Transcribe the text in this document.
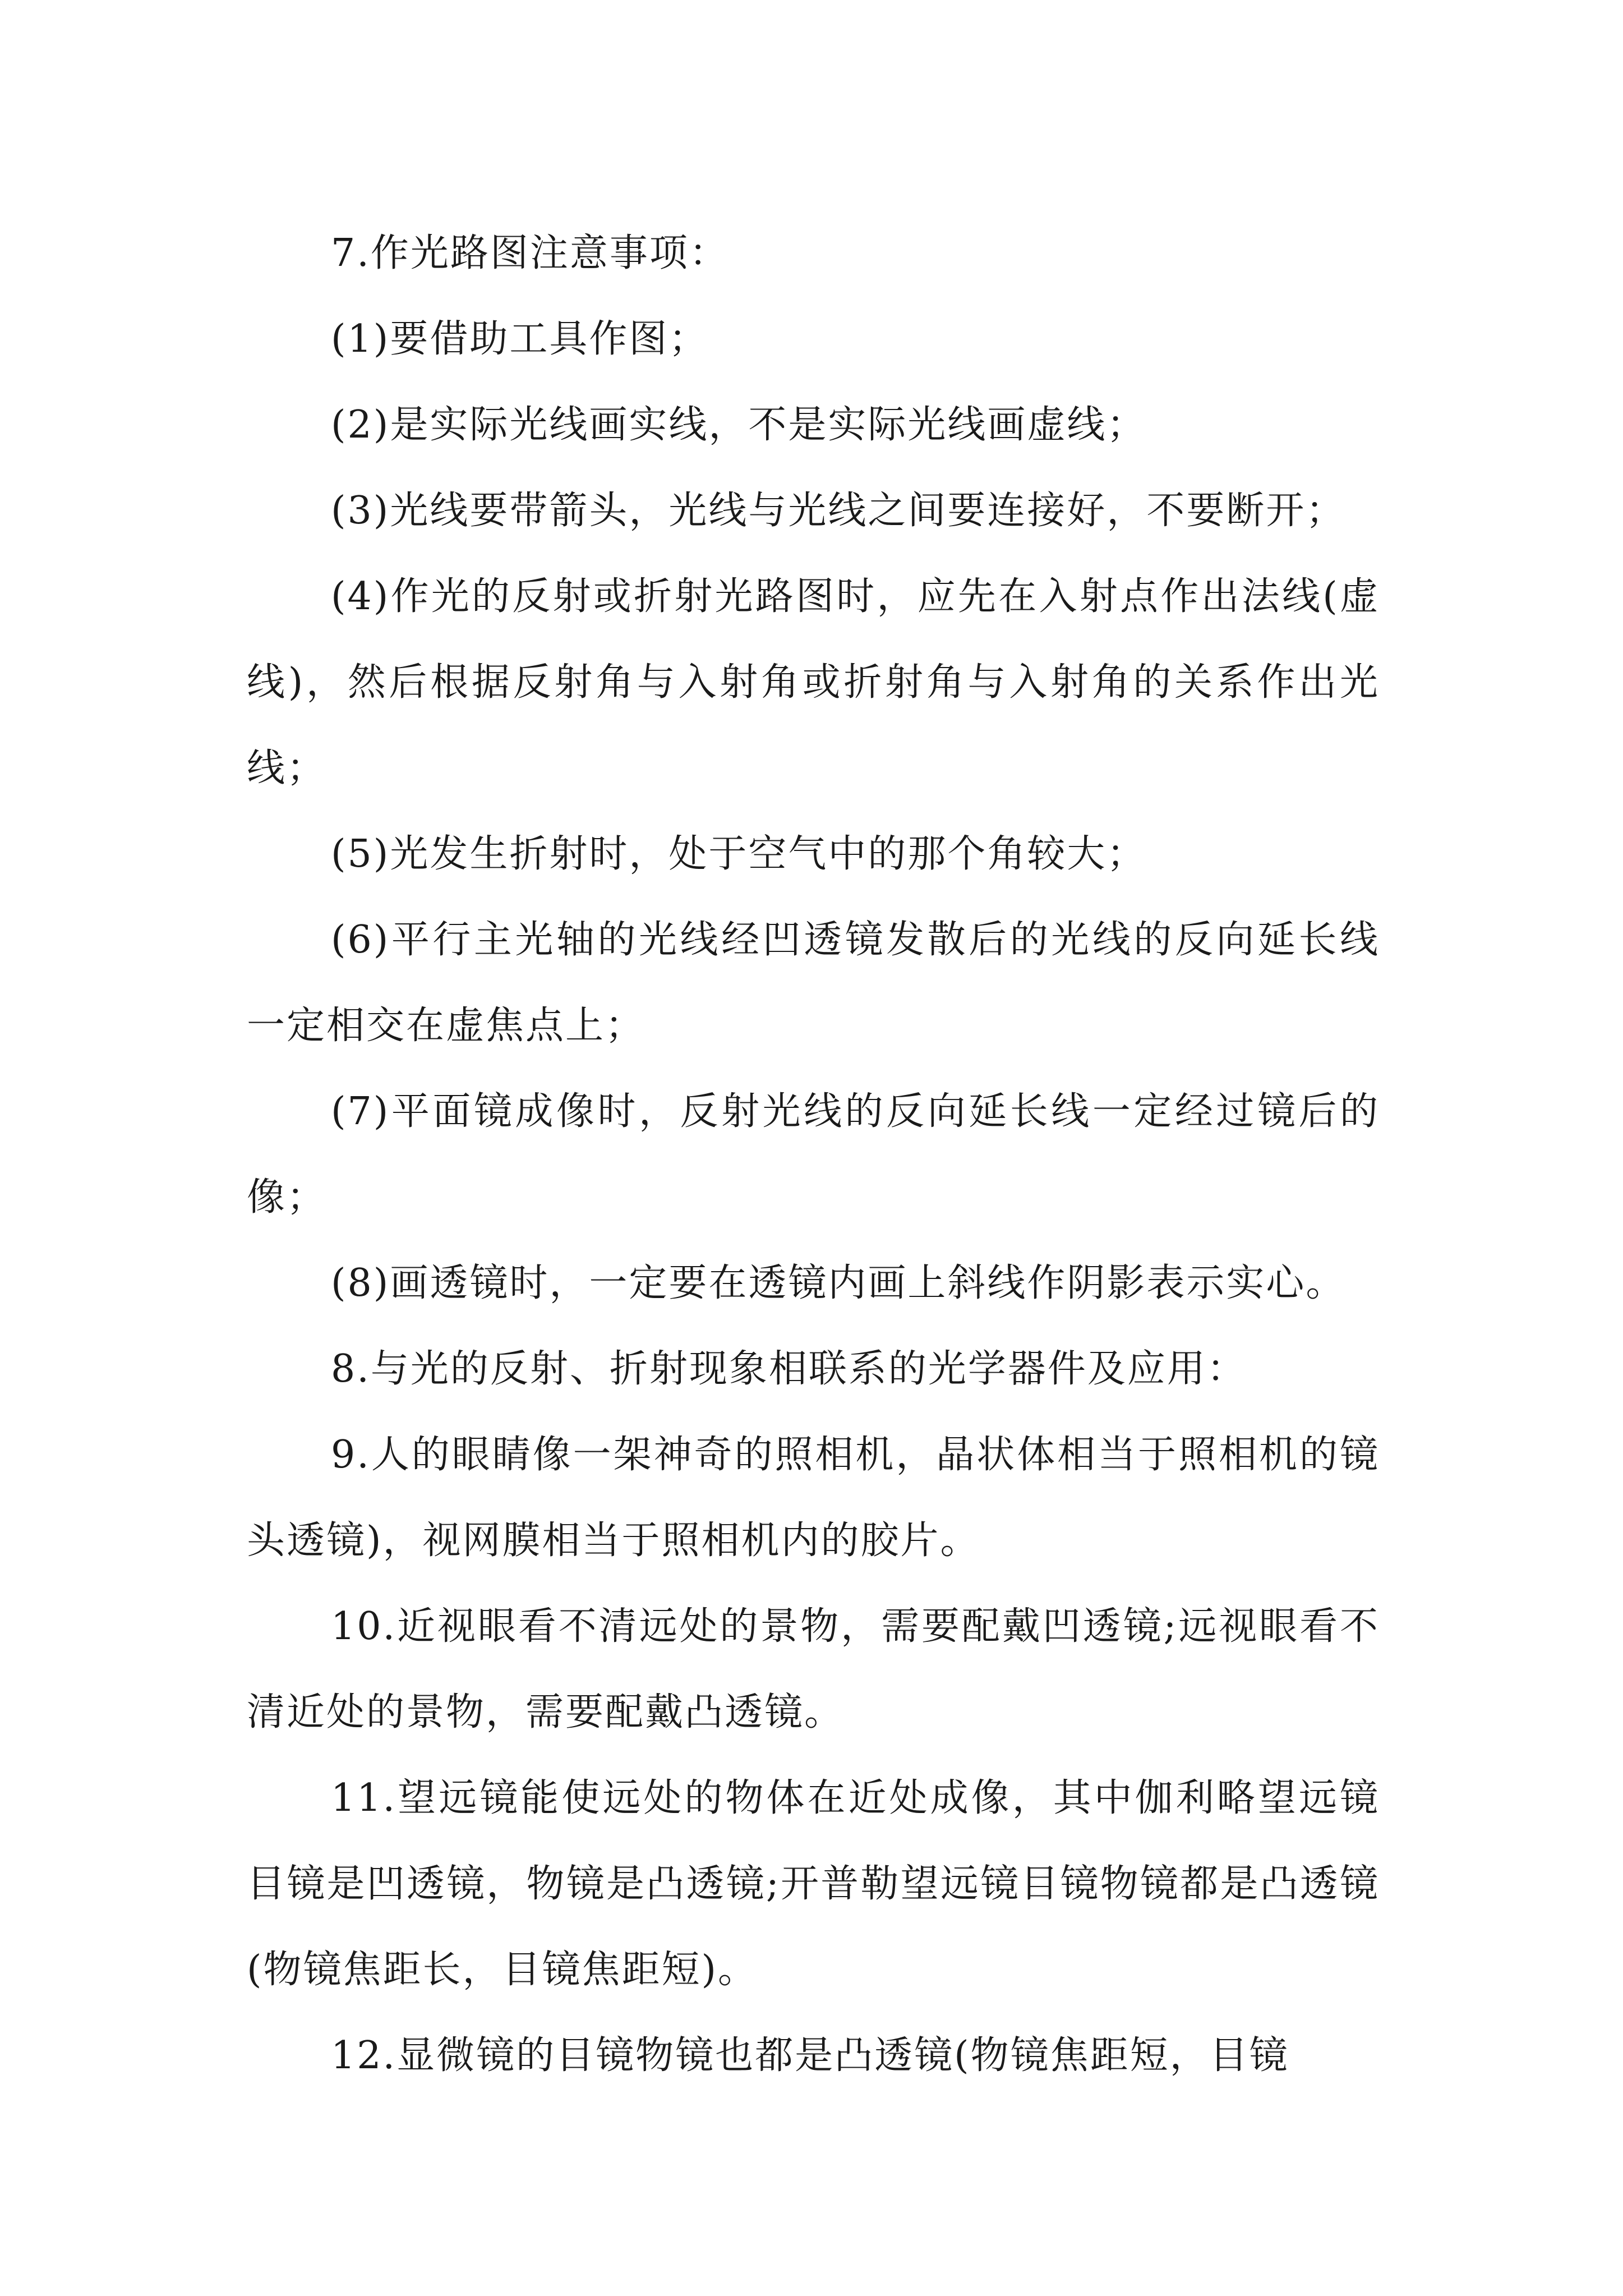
7.作光路图注意事项：

(1)要借助工具作图；

(2)是实际光线画实线，不是实际光线画虚线；

(3)光线要带箭头，光线与光线之间要连接好，不要断开；

(4)作光的反射或折射光路图时，应先在入射点作出法线(虚线)，然后根据反射角与入射角或折射角与入射角的关系作出光线；

(5)光发生折射时，处于空气中的那个角较大；

(6)平行主光轴的光线经凹透镜发散后的光线的反向延长线一定相交在虚焦点上；

(7)平面镜成像时，反射光线的反向延长线一定经过镜后的像；

(8)画透镜时，一定要在透镜内画上斜线作阴影表示实心。

8.与光的反射、折射现象相联系的光学器件及应用：

9.人的眼睛像一架神奇的照相机，晶状体相当于照相机的镜头透镜)，视网膜相当于照相机内的胶片。

10.近视眼看不清远处的景物，需要配戴凹透镜;远视眼看不清近处的景物，需要配戴凸透镜。

11.望远镜能使远处的物体在近处成像，其中伽利略望远镜目镜是凹透镜，物镜是凸透镜;开普勒望远镜目镜物镜都是凸透镜(物镜焦距长，目镜焦距短)。

12.显微镜的目镜物镜也都是凸透镜(物镜焦距短，目镜
